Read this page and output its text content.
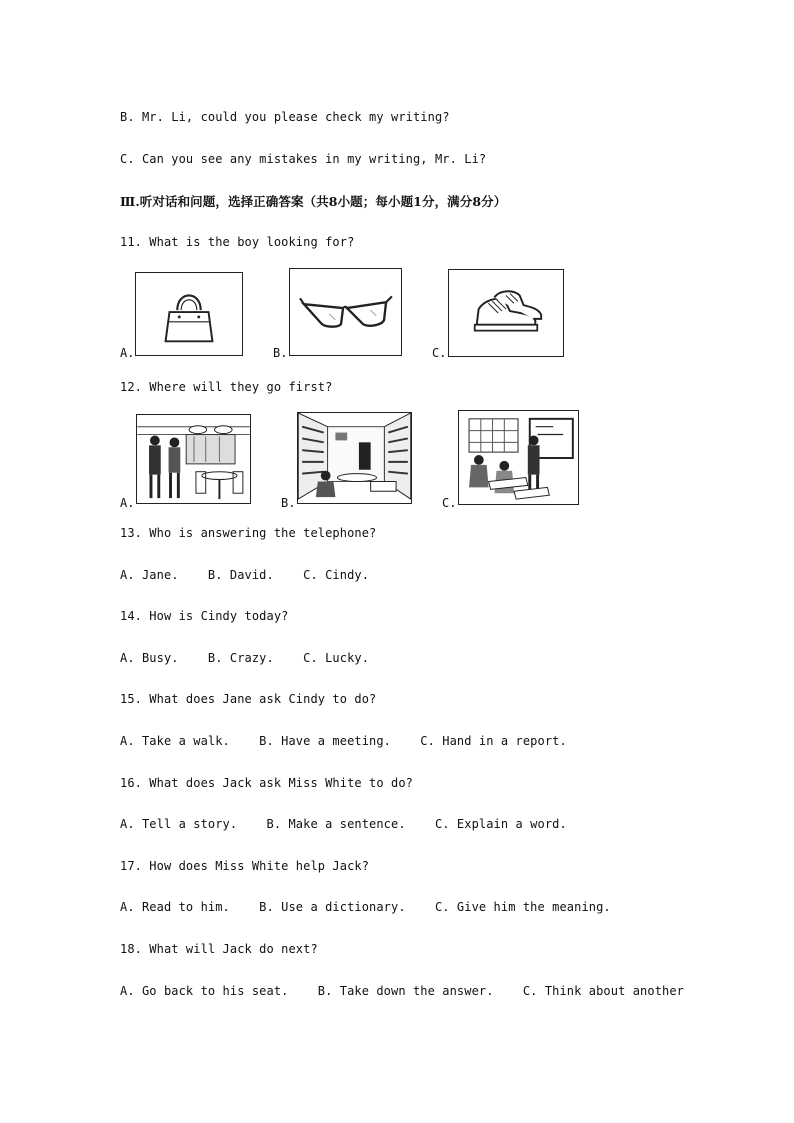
B. Mr. Li, could you please check my writing?
C. Can you see any mistakes in my writing, Mr. Li?
Ⅲ.听对话和问题，选择正确答案（共8小题；每小题1分，满分8分）
11. What is the boy looking for?
A.	B.	C.
12. Where will they go first?
A.	B.	C.
13. Who is answering the telephone?
A. Jane.    B. David.    C. Cindy.
14. How is Cindy today?
A. Busy.    B. Crazy.    C. Lucky.
15. What does Jane ask Cindy to do?
A. Take a walk.    B. Have a meeting.    C. Hand in a report.
16. What does Jack ask Miss White to do?
A. Tell a story.    B. Make a sentence.    C. Explain a word.
17. How does Miss White help Jack?
A. Read to him.    B. Use a dictionary.    C. Give him the meaning.
18. What will Jack do next?
A. Go back to his seat.    B. Take down the answer.    C. Think about another
